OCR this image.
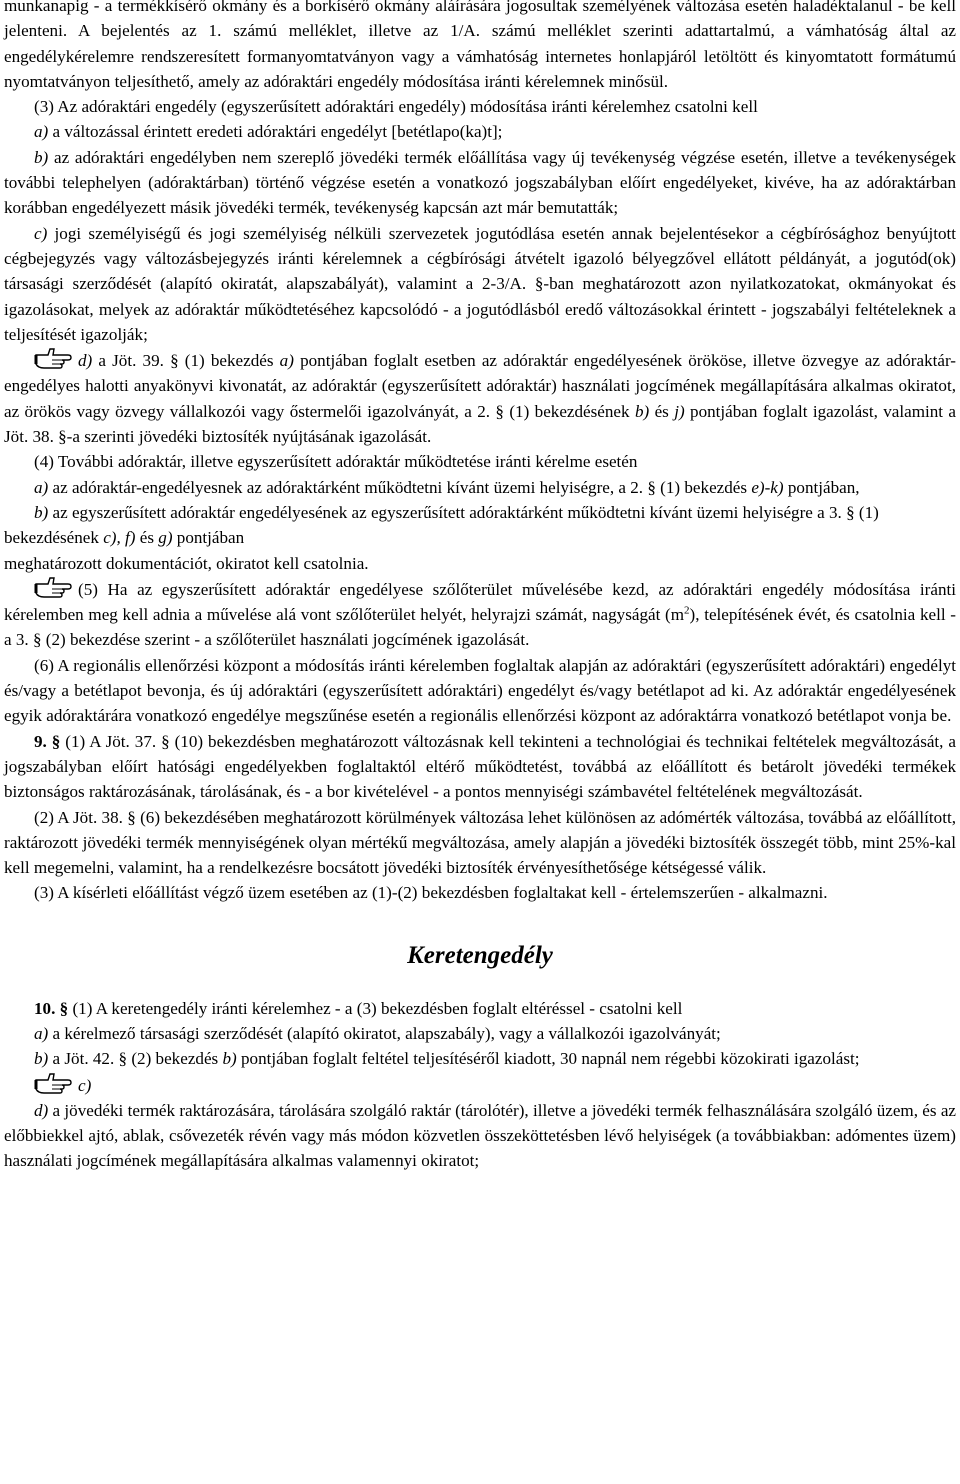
munkanapig - a termékkísérő okmány és a borkísérő okmány aláírására jogosultak személyének változása esetén haladéktalanul - be kell jelenteni. A bejelentés az 1. számú melléklet, illetve az 1/A. számú melléklet szerinti adattartalmú, a vámhatóság által az engedélykérelemre rendszeresített formanyomtatványon vagy a vámhatóság internetes honlapjáról letöltött és kinyomtatott formátumú nyomtatványon teljesíthető, amely az adóraktári engedély módosítása iránti kérelemnek minősül.

(3) Az adóraktári engedély (egyszerűsített adóraktári engedély) módosítása iránti kérelemhez csatolni kell

a) a változással érintett eredeti adóraktári engedélyt [betétlapo(ka)t];

b) az adóraktári engedélyben nem szereplő jövedéki termék előállítása vagy új tevékenység végzése esetén, illetve a tevékenységek további telephelyen (adóraktárban) történő végzése esetén a vonatkozó jogszabályban előírt engedélyeket, kivéve, ha az adóraktárban korábban engedélyezett másik jövedéki termék, tevékenység kapcsán azt már bemutatták;

c) jogi személyiségű és jogi személyiség nélküli szervezetek jogutódlása esetén annak bejelentésekor a cégbírósághoz benyújtott cégbejegyzés vagy változásbejegyzés iránti kérelemnek a cégbírósági átvételt igazoló bélyegzővel ellátott példányát, a jogutód(ok) társasági szerződését (alapító okiratát, alapszabályát), valamint a 2-3/A. §-ban meghatározott azon nyilatkozatokat, okmányokat és igazolásokat, melyek az adóraktár működtetéséhez kapcsolódó - a jogutódlásból eredő változásokkal érintett - jogszabályi feltételeknek a teljesítését igazolják;

d) a Jöt. 39. § (1) bekezdés a) pontjában foglalt esetben az adóraktár engedélyesének örököse, illetve özvegye az adóraktár-engedélyes halotti anyakönyvi kivonatát, az adóraktár (egyszerűsített adóraktár) használati jogcímének megállapítására alkalmas okiratot, az örökös vagy özvegy vállalkozói vagy őstermelői igazolványát, a 2. § (1) bekezdésének b) és j) pontjában foglalt igazolást, valamint a Jöt. 38. §-a szerinti jövedéki biztosíték nyújtásának igazolását.

(4) További adóraktár, illetve egyszerűsített adóraktár működtetése iránti kérelme esetén

a) az adóraktár-engedélyesnek az adóraktárként működtetni kívánt üzemi helyiségre, a 2. § (1) bekezdés e)-k) pontjában,

b) az egyszerűsített adóraktár engedélyesének az egyszerűsített adóraktárként működtetni kívánt üzemi helyiségre a 3. § (1) bekezdésének c), f) és g) pontjában

meghatározott dokumentációt, okiratot kell csatolnia.

(5) Ha az egyszerűsített adóraktár engedélyese szőlőterület művelésébe kezd, az adóraktári engedély módosítása iránti kérelemben meg kell adnia a művelése alá vont szőlőterület helyét, helyrajzi számát, nagyságát $(m^2)$, telepítésének évét, és csatolnia kell - a 3. § (2) bekezdése szerint - a szőlőterület használati jogcímének igazolását.

(6) A regionális ellenőrzési központ a módosítás iránti kérelemben foglaltak alapján az adóraktári (egyszerűsített adóraktári) engedélyt és/vagy a betétlapot bevonja, és új adóraktári (egyszerűsített adóraktári) engedélyt és/vagy betétlapot ad ki. Az adóraktár engedélyesének egyik adóraktárára vonatkozó engedélye megszűnése esetén a regionális ellenőrzési központ az adóraktárra vonatkozó betétlapot vonja be.

9. § (1) A Jöt. 37. § (10) bekezdésben meghatározott változásnak kell tekinteni a technológiai és technikai feltételek megváltozását, a jogszabályban előírt hatósági engedélyekben foglaltaktól eltérő működtetést, továbbá az előállított és betárolt jövedéki termékek biztonságos raktározásának, tárolásának, és - a bor kivételével - a pontos mennyiségi számbavétel feltételének megváltozását.

(2) A Jöt. 38. § (6) bekezdésében meghatározott körülmények változása lehet különösen az adómérték változása, továbbá az előállított, raktározott jövedéki termék mennyiségének olyan mértékű megváltozása, amely alapján a jövedéki biztosíték összegét több, mint 25%-kal kell megemelni, valamint, ha a rendelkezésre bocsátott jövedéki biztosíték érvényesíthetősége kétségessé válik.

(3) A kísérleti előállítást végző üzem esetében az (1)-(2) bekezdésben foglaltakat kell - értelemszerűen - alkalmazni.

Keretengedély

10. § (1) A keretengedély iránti kérelemhez - a (3) bekezdésben foglalt eltéréssel - csatolni kell

a) a kérelmező társasági szerződését (alapító okiratot, alapszabály), vagy a vállalkozói igazolványát;

b) a Jöt. 42. § (2) bekezdés b) pontjában foglalt feltétel teljesítéséről kiadott, 30 napnál nem régebbi közokirati igazolást;

c)

d) a jövedéki termék raktározására, tárolására szolgáló raktár (tárolótér), illetve a jövedéki termék felhasználására szolgáló üzem, és az előbbiekkel ajtó, ablak, csővezeték révén vagy más módon közvetlen összeköttetésben lévő helyiségek (a továbbiakban: adómentes üzem) használati jogcímének megállapítására alkalmas valamennyi okiratot;
